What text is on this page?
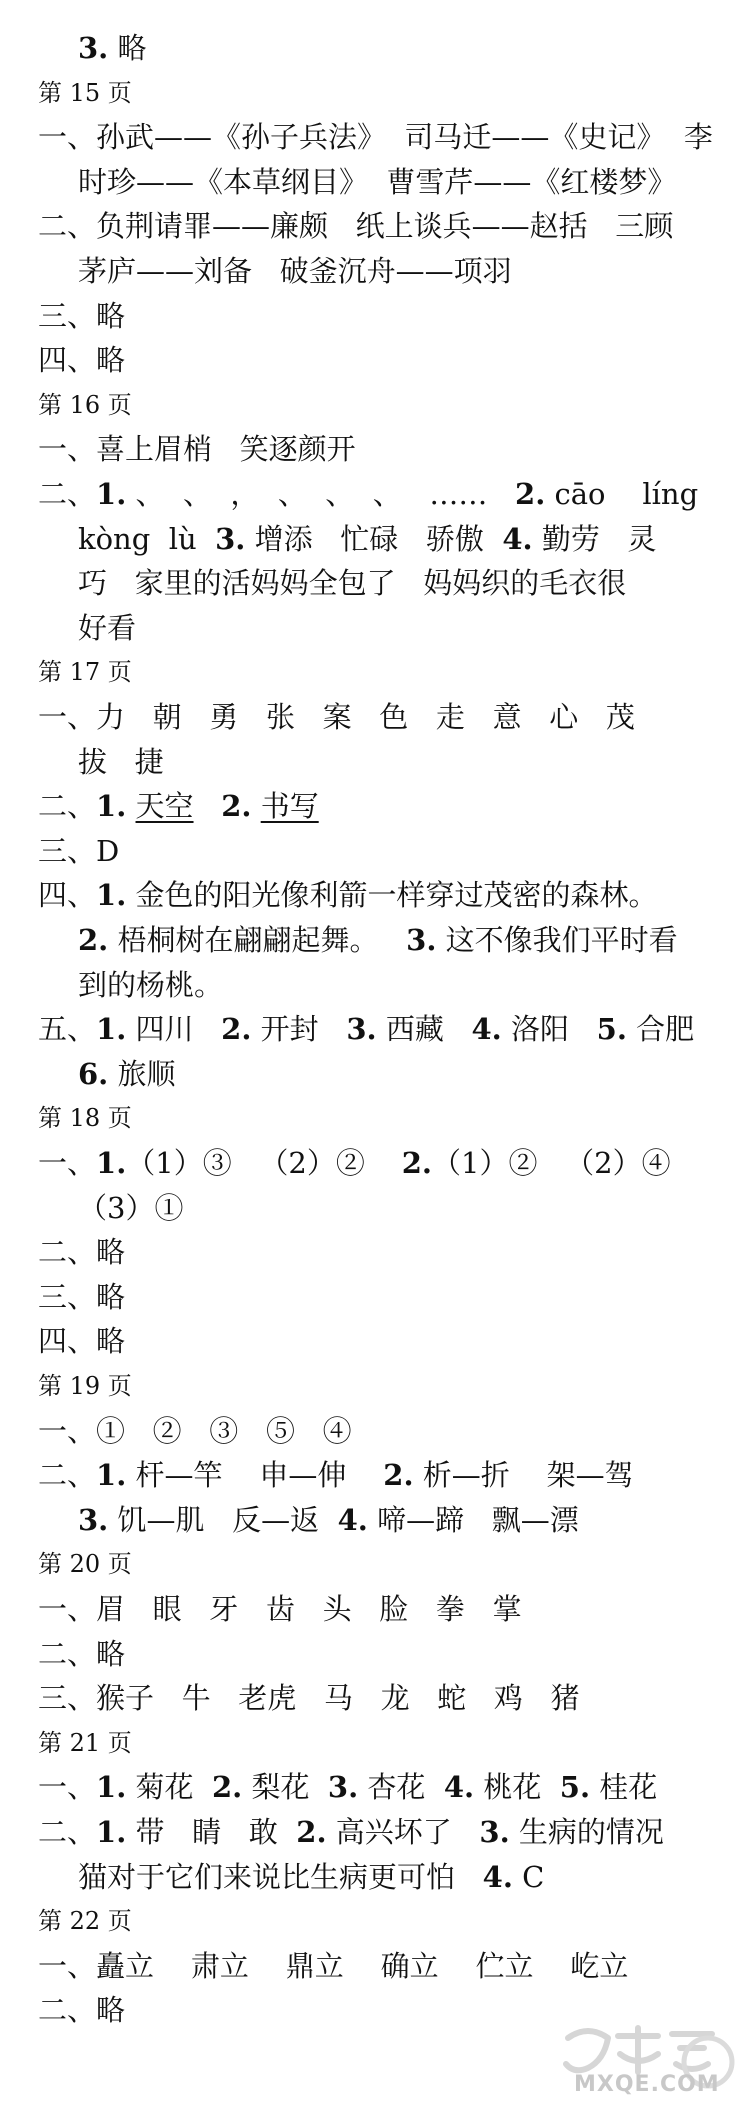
3. 略
第 15 页
一、孙武——《孙子兵法》  司马迁——《史记》  李
时珍——《本草纲目》  曹雪芹——《红楼梦》
二、负荆请罪——廉颇   纸上谈兵——赵括   三顾
茅庐——刘备   破釜沉舟——项羽
三、略
四、略
第 16 页
一、喜上眉梢   笑逐颜开
二、1. 、  、  ，  、  、  、   ……   2. cāo    líng
kòng  lù  3. 增添   忙碌   骄傲  4. 勤劳   灵
巧   家里的活妈妈全包了   妈妈织的毛衣很
好看
第 17 页
一、力   朝   勇   张   案   色   走   意   心   茂
拔   捷
二、1. 天空 2. 书写
三、D
四、1. 金色的阳光像利箭一样穿过茂密的森林。
2. 梧桐树在翩翩起舞。   3. 这不像我们平时看
到的杨桃。
五、1. 四川   2. 开封   3. 西藏   4. 洛阳   5. 合肥
6. 旅顺
第 18 页
一、1.（1）③   （2）②    2.（1）②   （2）④
（3）①
二、略
三、略
四、略
第 19 页
一、①   ②   ③   ⑤   ④
二、1. 杆—竿    申—伸    2. 析—折    架—驾
3. 饥—肌   反—返  4. 啼—蹄   飘—漂
第 20 页
一、眉   眼   牙   齿   头   脸   拳   掌
二、略
三、猴子   牛   老虎   马   龙   蛇   鸡   猪
第 21 页
一、1. 菊花  2. 梨花  3. 杏花  4. 桃花  5. 桂花
二、1. 带   睛   敢  2. 高兴坏了   3. 生病的情况
猫对于它们来说比生病更可怕   4. C
第 22 页
一、矗立    肃立    鼎立    确立    伫立    屹立
二、略
MXQE.COM
